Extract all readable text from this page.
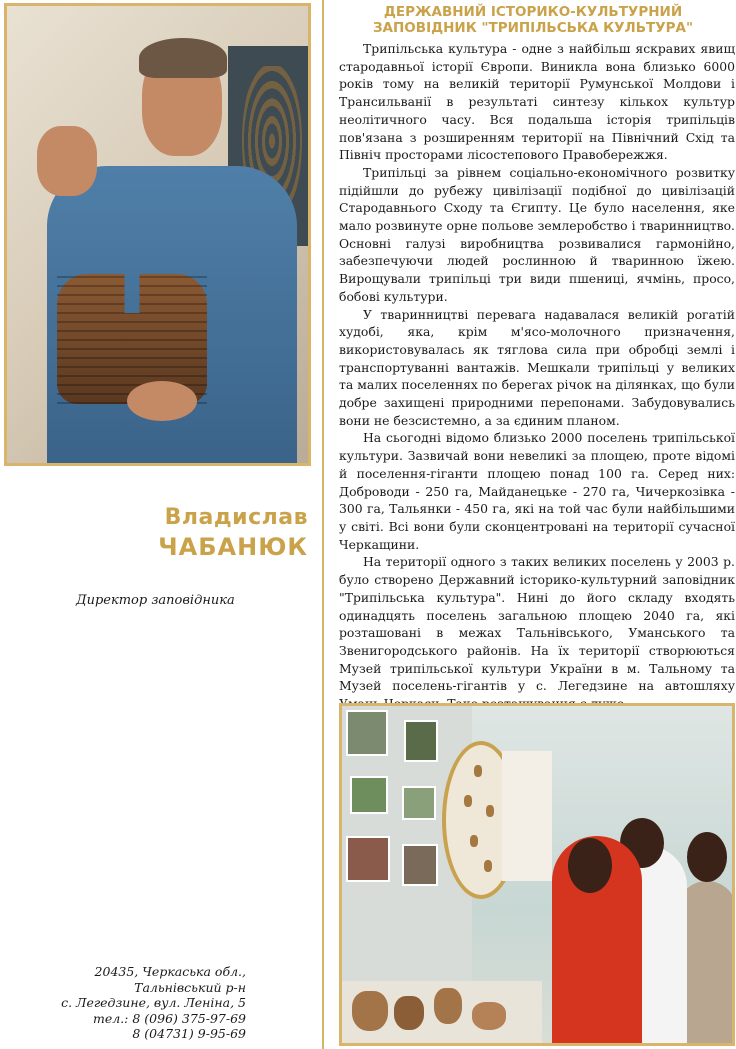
Владислав
ЧАБАНЮК
Директор заповідника
20435, Черкаська обл.,
Тальнівський р-н
с. Легедзине, вул. Леніна, 5
тел.: 8 (096) 375-97-69
8 (04731) 9-95-69
ДЕРЖАВНИЙ ІСТОРИКО-КУЛЬТУРНИЙ
ЗАПОВІДНИК "ТРИПІЛЬСЬКА КУЛЬТУРА"

Трипільська культура - одне з найбільш яскравих явищ стародавньої історії Європи. Виникла вона близько 6000 років тому на великій території Румунської Молдови і Трансильванії в результаті синтезу кількох культур неолітичного часу. Вся подальша історія трипільців пов'язана з розширенням території на Північний Схід та Північ просторами лісостепового Правобережжя.

Трипільці за рівнем соціально-економічного розвитку підійшли до рубежу цивілізації подібної до цивілізацій Стародавнього Сходу та Єгипту. Це було населення, яке мало розвинуте орне польове землеробство і тваринництво. Основні галузі виробництва розвивалися гармонійно, забезпечуючи людей рослинною й тваринною їжею. Вирощували трипільці три види пшениці, ячмінь, просо, бобові культури.

У тваринництві перевага надавалася великій рогатій худобі, яка, крім м'ясо-молочного призначення, використовувалась як тяглова сила при обробці землі і транспортуванні вантажів. Мешкали трипільці у великих та малих поселеннях по берегах річок на ділянках, що були добре захищені природними перепонами. Забудовувались вони не безсистемно, а за єдиним планом.

На сьогодні відомо близько 2000 поселень трипільської культури. Зазвичай вони невеликі за площею, проте відомі й поселення-гіганти площею понад 100 га. Серед них: Доброводи - 250 га, Майданецьке - 270 га, Чичеркозівка - 300 га, Тальянки - 450 га, які на той час були найбільшими у світі. Всі вони були сконцентровані на території сучасної Черкащини.

На території одного з таких великих поселень у 2003 р. було створено Державний історико-культурний заповідник "Трипільська культура". Нині до його складу входять одинадцять поселень загальною площею 2040 га, які розташовані в межах Тальнівського, Уманського та Звенигородського районів. На їх території створюються Музей трипільської культури України в м. Тальному та Музей поселень-гігантів у с. Легедзине на автошляху
